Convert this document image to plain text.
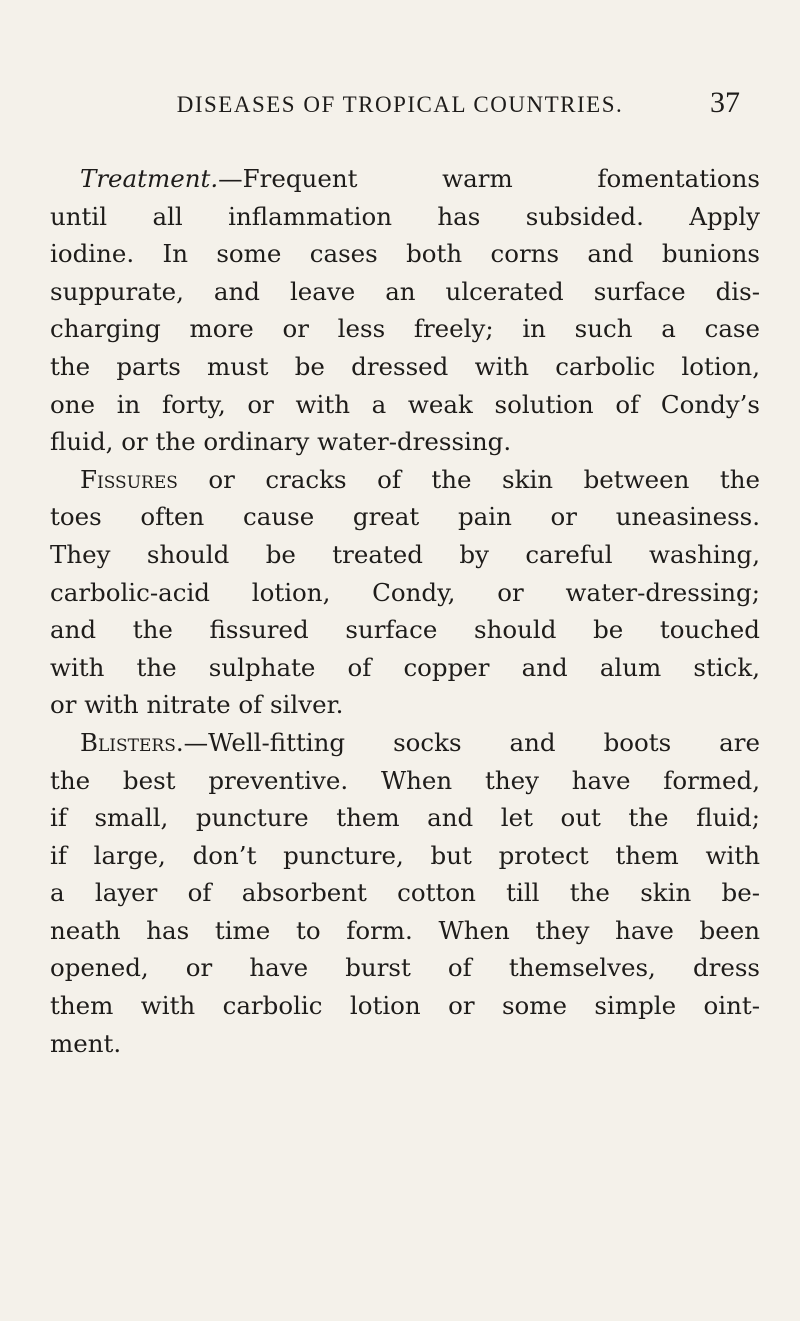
DISEASES OF TROPICAL COUNTRIES.	37
Treatment.—Frequent warm fomentations
until all inflammation has subsided. Apply
iodine. In some cases both corns and bunions
suppurate, and leave an ulcerated surface dis-
charging more or less freely; in such a case
the parts must be dressed with carbolic lotion,
one in forty, or with a weak solution of Condy’s
fluid, or the ordinary water-dressing.
Fissures or cracks of the skin between the
toes often cause great pain or uneasiness.
They should be treated by careful washing,
carbolic-acid lotion, Condy, or water-dressing;
and the fissured surface should be touched
with the sulphate of copper and alum stick,
or with nitrate of silver.
Blisters.—Well-fitting socks and boots are
the best preventive. When they have formed,
if small, puncture them and let out the fluid;
if large, don’t puncture, but protect them with
a layer of absorbent cotton till the skin be-
neath has time to form. When they have been
opened, or have burst of themselves, dress
them with carbolic lotion or some simple oint-
ment.
